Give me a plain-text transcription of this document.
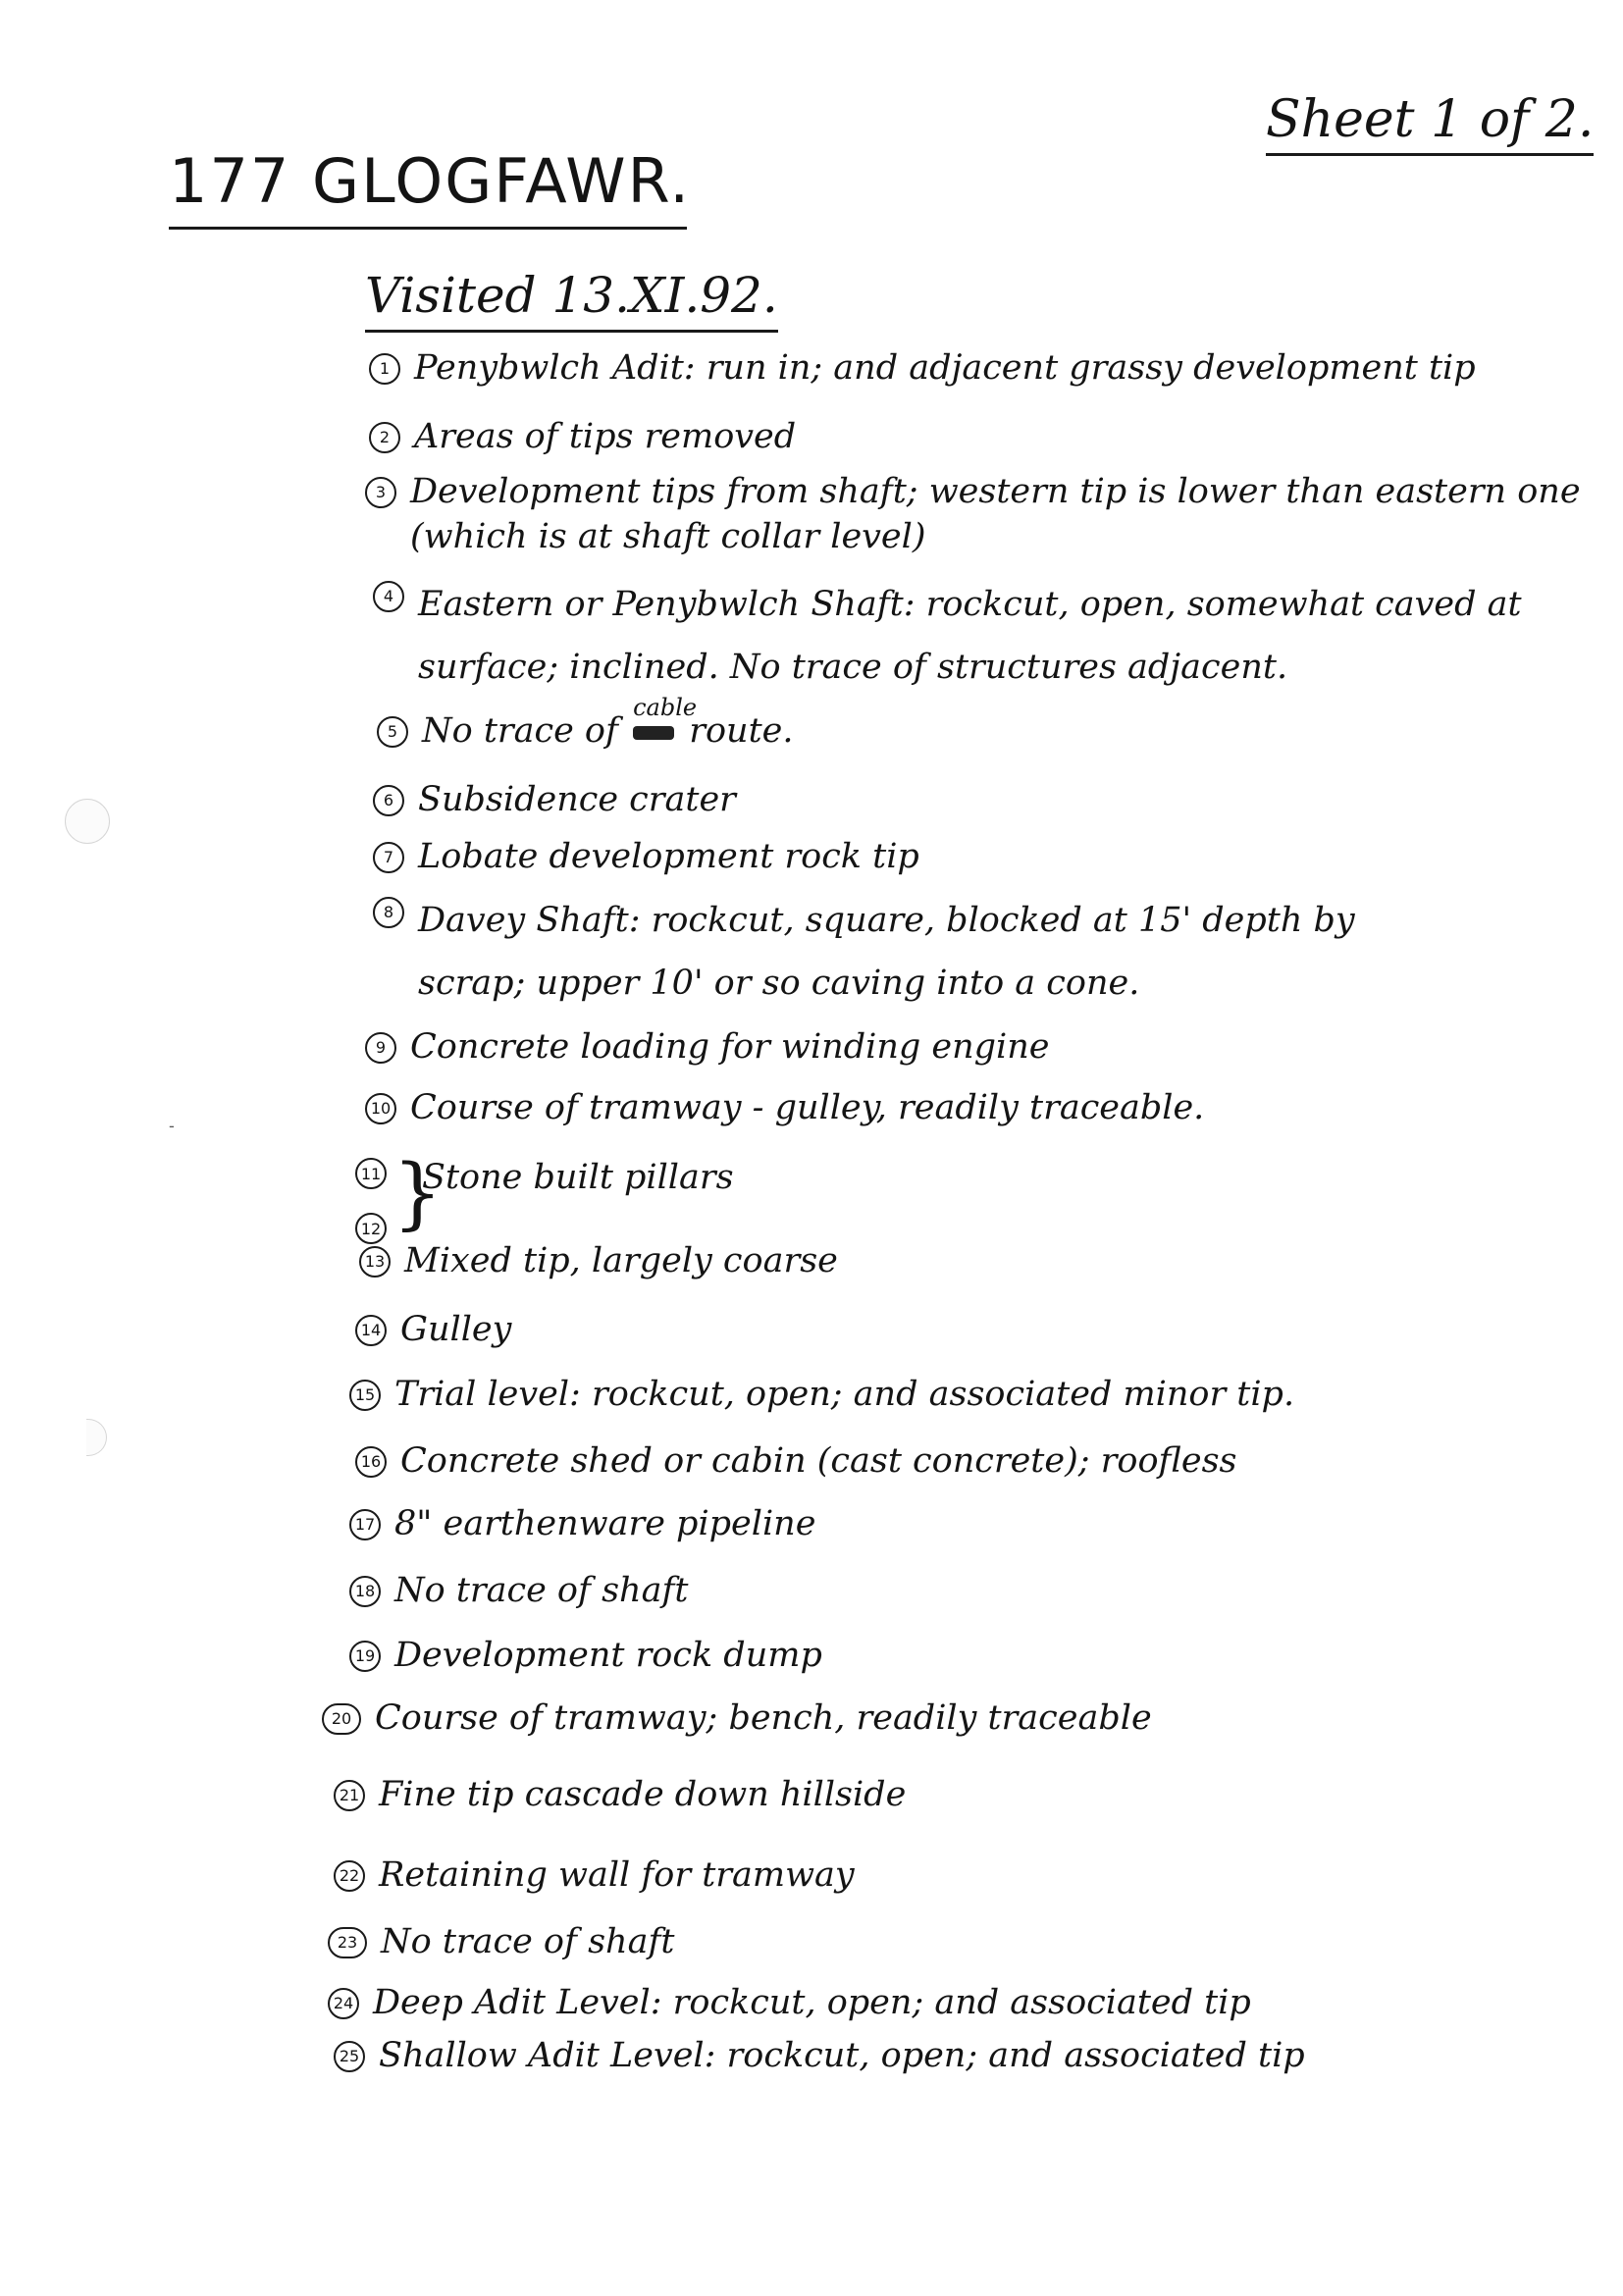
-
Sheet 1 of 2.
177 GLOGFAWR.
Visited 13.XI.92.
1 Penybwlch Adit: run in; and adjacent grassy development tip
2 Areas of tips removed
3 Development tips from shaft; western tip is lower than eastern one
(which is at shaft collar level)
4 Eastern or Penybwlch Shaft: rockcut, open, somewhat caved at
surface; inclined. No trace of structures adjacent.
5 No trace of
cable
route.
6 Subsidence crater
7 Lobate development rock tip
8 Davey Shaft: rockcut, square, blocked at 15' depth by
scrap; upper 10' or so caving into a cone.
9 Concrete loading for winding engine
10 Course of tramway - gulley, readily traceable.
11
12 }
Stone built pillars
13 Mixed tip, largely coarse
14 Gulley
15 Trial level: rockcut, open; and associated minor tip.
16 Concrete shed or cabin (cast concrete); roofless
17 8" earthenware pipeline
18 No trace of shaft
19 Development rock dump
20 Course of tramway; bench, readily traceable
21 Fine tip cascade down hillside
22 Retaining wall for tramway
23 No trace of shaft
24 Deep Adit Level: rockcut, open; and associated tip
25 Shallow Adit Level: rockcut, open; and associated tip
